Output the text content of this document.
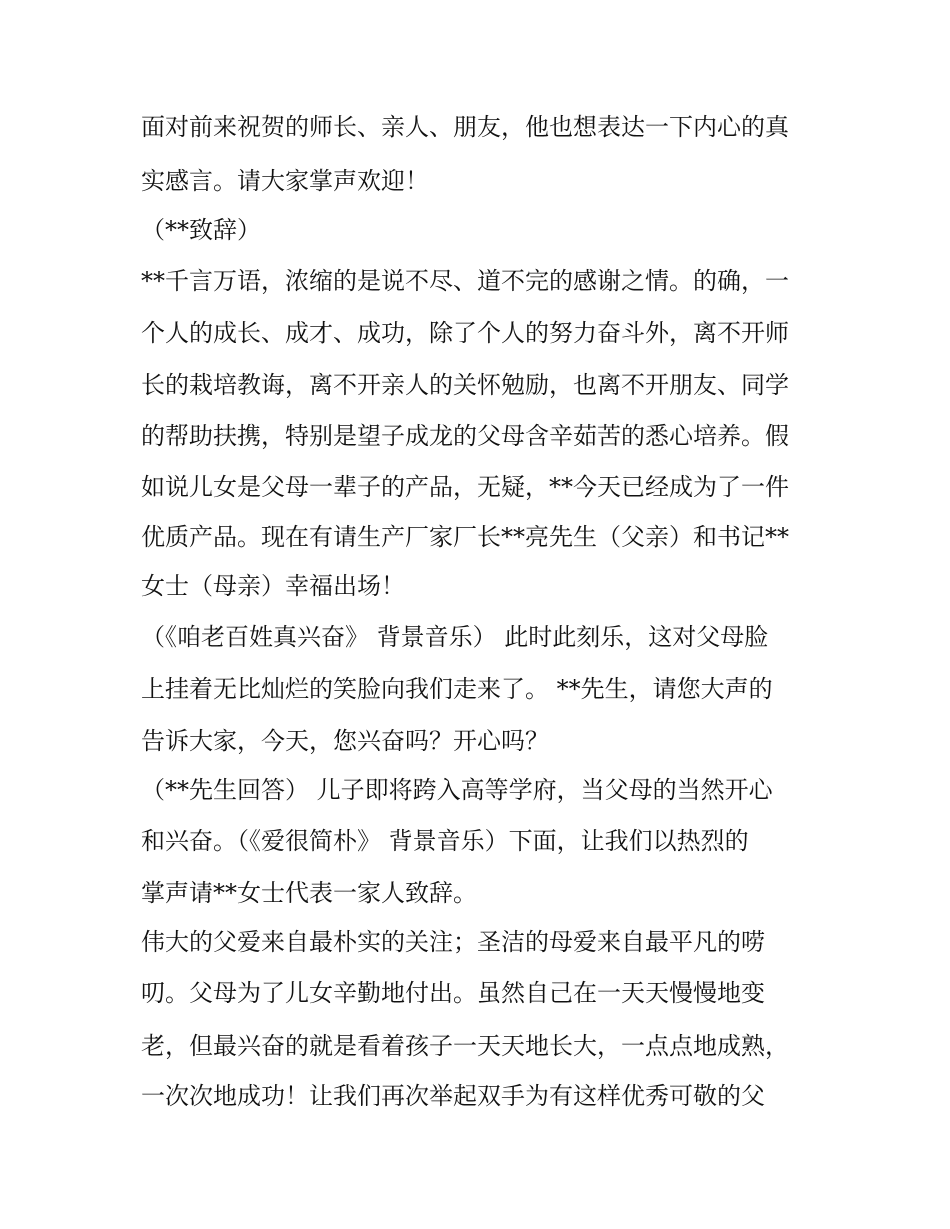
面对前来祝贺的师长、亲人、朋友，他也想表达一下内心的真
实感言。请大家掌声欢迎！
（**致辞）
**千言万语，浓缩的是说不尽、道不完的感谢之情。的确，一
个人的成长、成才、成功，除了个人的努力奋斗外，离不开师
长的栽培教诲，离不开亲人的关怀勉励，也离不开朋友、同学
的帮助扶携，特别是望子成龙的父母含辛茹苦的悉心培养。假
如说儿女是父母一辈子的产品，无疑，**今天已经成为了一件
优质产品。现在有请生产厂家厂长**亮先生（父亲）和书记**
女士（母亲）幸福出场！
（《咱老百姓真兴奋》 背景音乐） 此时此刻乐，这对父母脸
上挂着无比灿烂的笑脸向我们走来了。 **先生，请您大声的
告诉大家，今天，您兴奋吗？开心吗？
（**先生回答） 儿子即将跨入高等学府，当父母的当然开心
和兴奋。（《爱很简朴》 背景音乐）下面，让我们以热烈的
掌声请**女士代表一家人致辞。
伟大的父爱来自最朴实的关注；圣洁的母爱来自最平凡的唠
叨。父母为了儿女辛勤地付出。虽然自己在一天天慢慢地变
老，但最兴奋的就是看着孩子一天天地长大，一点点地成熟，
一次次地成功！让我们再次举起双手为有这样优秀可敬的父
